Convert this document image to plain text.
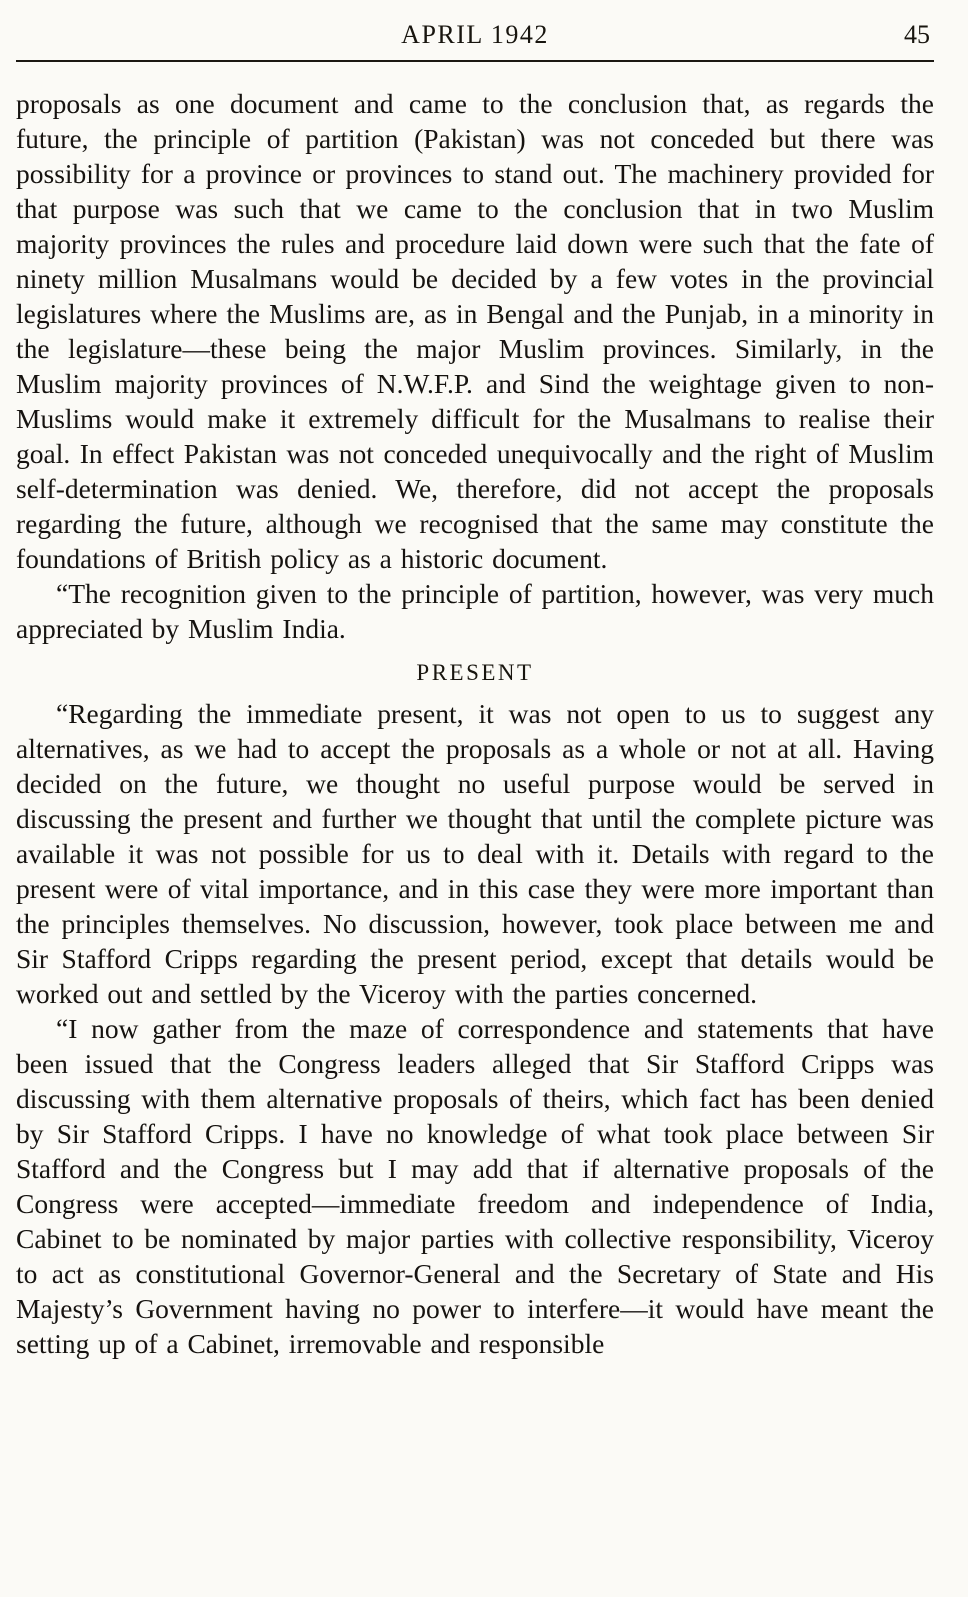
APRIL 1942	45

proposals as one document and came to the conclusion that, as regards the future, the principle of partition (Pakistan) was not conceded but there was possibility for a province or provinces to stand out. The machinery provided for that purpose was such that we came to the conclusion that in two Muslim majority provinces the rules and procedure laid down were such that the fate of ninety million Musalmans would be decided by a few votes in the provincial legislatures where the Muslims are, as in Bengal and the Punjab, in a minority in the legislature—these being the major Muslim provinces. Similarly, in the Muslim majority provinces of N.W.F.P. and Sind the weightage given to non-Muslims would make it extremely difficult for the Musalmans to realise their goal. In effect Pakistan was not conceded unequivocally and the right of Muslim self-determination was denied. We, therefore, did not accept the proposals regarding the future, although we recognised that the same may constitute the foundations of British policy as a historic document.

“The recognition given to the principle of partition, however, was very much appreciated by Muslim India.

PRESENT

“Regarding the immediate present, it was not open to us to suggest any alternatives, as we had to accept the proposals as a whole or not at all. Having decided on the future, we thought no useful purpose would be served in discussing the present and further we thought that until the complete picture was available it was not possible for us to deal with it. Details with regard to the present were of vital importance, and in this case they were more important than the principles themselves. No discussion, however, took place between me and Sir Stafford Cripps regarding the present period, except that details would be worked out and settled by the Viceroy with the parties concerned.

“I now gather from the maze of correspondence and statements that have been issued that the Congress leaders alleged that Sir Stafford Cripps was discussing with them alternative proposals of theirs, which fact has been denied by Sir Stafford Cripps. I have no knowledge of what took place between Sir Stafford and the Congress but I may add that if alternative proposals of the Congress were accepted—immediate freedom and independence of India, Cabinet to be nominated by major parties with collective responsibility, Viceroy to act as constitutional Governor-General and the Secretary of State and His Majesty’s Government having no power to interfere—it would have meant the setting up of a Cabinet, irremovable and responsible
